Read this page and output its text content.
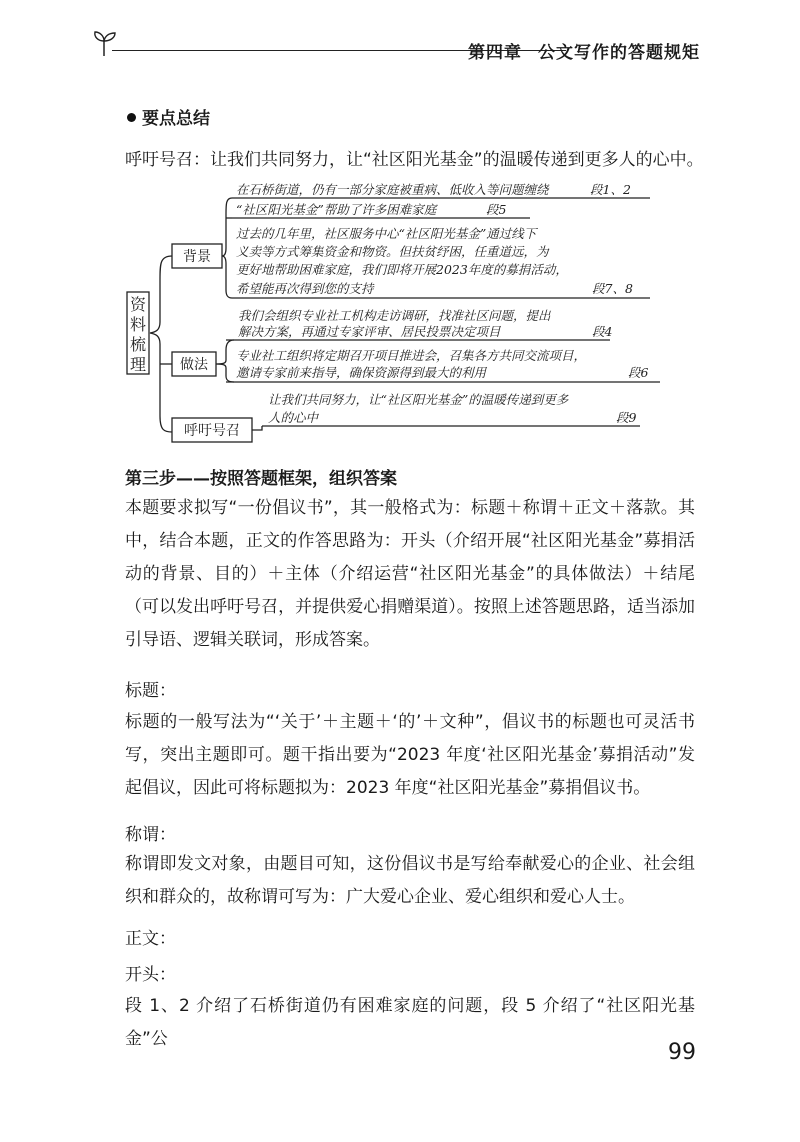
第四章 公文写作的答题规矩
要点总结
呼吁号召：让我们共同努力，让“社区阳光基金”的温暖传递到更多人的心中。
资
料
梳
理
背景
在石桥街道，仍有一部分家庭被重病、低收入等问题缠绕	段1、2
“社区阳光基金”帮助了许多困难家庭	段5
过去的几年里，社区服务中心“社区阳光基金”通过线下
义卖等方式筹集资金和物资。但扶贫纾困，任重道远，为
更好地帮助困难家庭，我们即将开展2023年度的募捐活动，
希望能再次得到您的支持	段7、8
做法
我们会组织专业社工机构走访调研，找准社区问题，提出
解决方案，再通过专家评审、居民投票决定项目	段4
专业社工组织将定期召开项目推进会，召集各方共同交流项目，
邀请专家前来指导，确保资源得到最大的利用	段6
呼吁号召
让我们共同努力，让“社区阳光基金”的温暖传递到更多
人的心中	段9
第三步——按照答题框架，组织答案
本题要求拟写“一份倡议书”，其一般格式为：标题＋称谓＋正文＋落款。其中，结合本题，正文的作答思路为：开头（介绍开展“社区阳光基金”募捐活动的背景、目的）＋主体（介绍运营“社区阳光基金”的具体做法）＋结尾（可以发出呼吁号召，并提供爱心捐赠渠道）。按照上述答题思路，适当添加引导语、逻辑关联词，形成答案。
标题：
标题的一般写法为“‘关于’＋主题＋‘的’＋文种”，倡议书的标题也可灵活书写，突出主题即可。题干指出要为“2023 年度‘社区阳光基金’募捐活动”发起倡议，因此可将标题拟为：2023 年度“社区阳光基金”募捐倡议书。
称谓：
称谓即发文对象，由题目可知，这份倡议书是写给奉献爱心的企业、社会组织和群众的，故称谓可写为：广大爱心企业、爱心组织和爱心人士。
正文：
开头：
段 1、2 介绍了石桥街道仍有困难家庭的问题，段 5 介绍了“社区阳光基金”公
99
